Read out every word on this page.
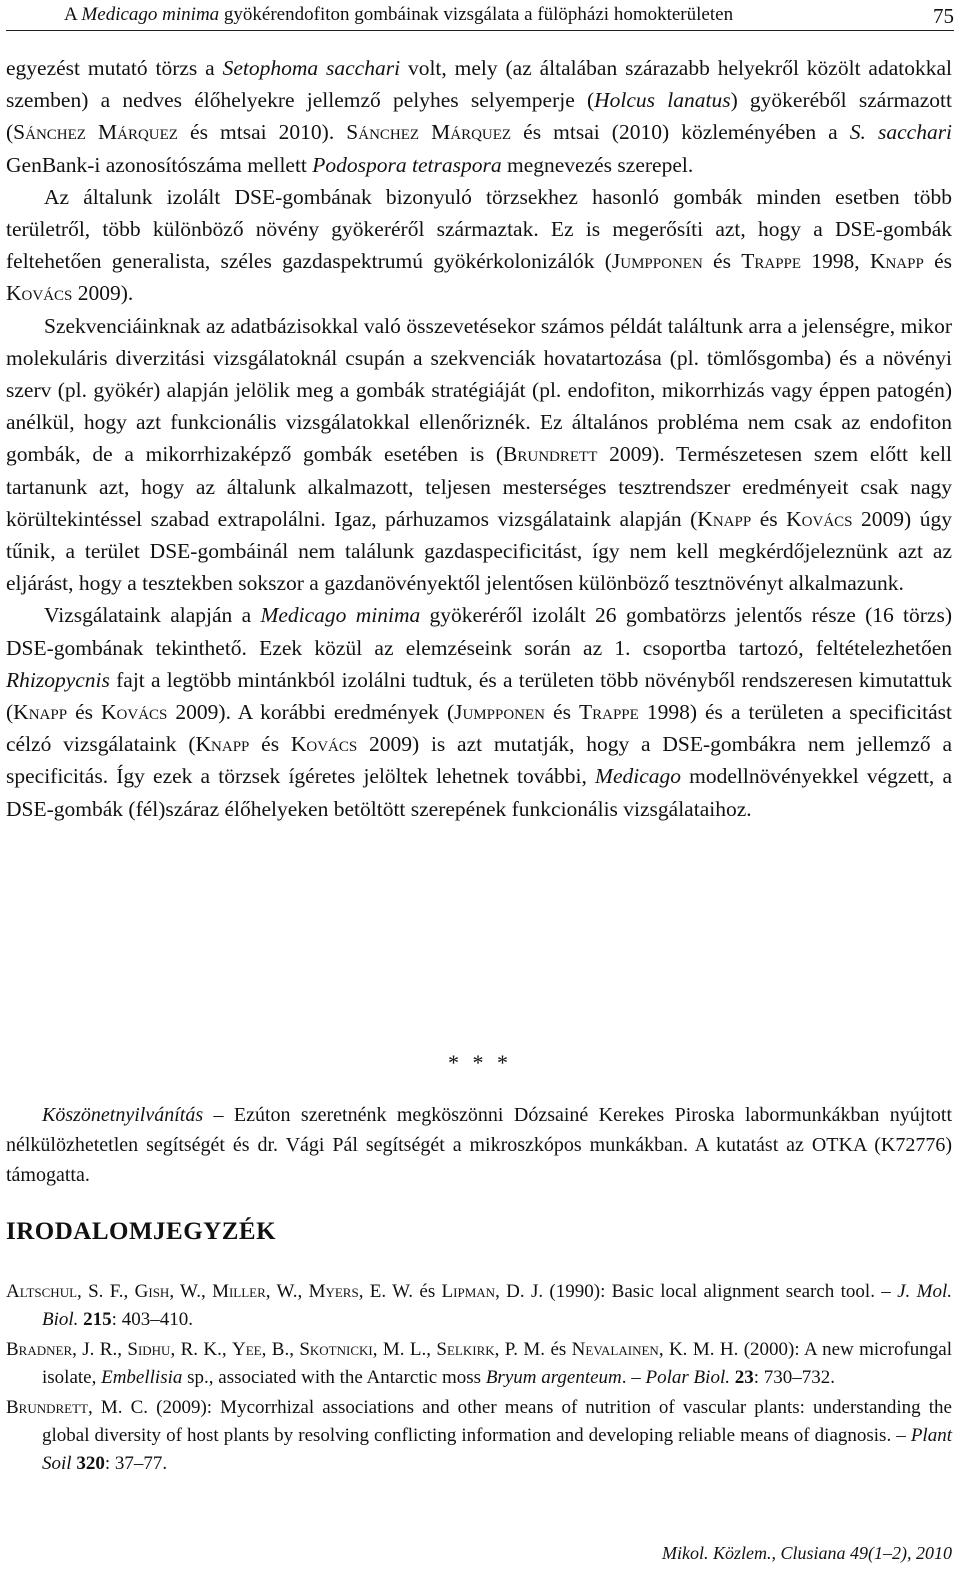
A Medicago minima gyökérendofiton gombáinak vizsgálata a fülöpházi homokterületen	75

egyezést mutató törzs a Setophoma sacchari volt, mely (az általában szárazabb helyekről közölt adatokkal szemben) a nedves élőhelyekre jellemző pelyhes selyemperje (Holcus lanatus) gyökeréből származott (Sánchez Márquez és mtsai 2010). Sánchez Márquez és mtsai (2010) közleményében a S. sacchari GenBank-i azonosítószáma mellett Podospora tetraspora megnevezés szerepel.

Az általunk izolált DSE-gombának bizonyuló törzsekhez hasonló gombák minden esetben több területről, több különböző növény gyökeréről származtak. Ez is megerősíti azt, hogy a DSE-gombák feltehetően generalista, széles gazdaspektrumú gyökérkolonizálók (Jumpponen és Trappe 1998, Knapp és Kovács 2009).

Szekvenciáinknak az adatbázisokkal való összevetésekor számos példát találtunk arra a jelenségre, mikor molekuláris diverzitási vizsgálatoknál csupán a szekvenciák hovatartozása (pl. tömlősgomba) és a növényi szerv (pl. gyökér) alapján jelölik meg a gombák stratégiáját (pl. endofiton, mikorrhizás vagy éppen patogén) anélkül, hogy azt funkcionális vizsgálatokkal ellenőriznék. Ez általános probléma nem csak az endofiton gombák, de a mikorrhizaképző gombák esetében is (Brundrett 2009). Természetesen szem előtt kell tartanunk azt, hogy az általunk alkalmazott, teljesen mesterséges tesztrendszer eredményeit csak nagy körültekintéssel szabad extrapolálni. Igaz, párhuzamos vizsgálataink alapján (Knapp és Kovács 2009) úgy tűnik, a terület DSE-gombáinál nem találunk gazdaspecificitást, így nem kell megkérdőjeleznünk azt az eljárást, hogy a tesztekben sokszor a gazdanövényektől jelentősen különböző tesztnövényt alkalmazunk.

Vizsgálataink alapján a Medicago minima gyökeréről izolált 26 gombatörzs jelentős része (16 törzs) DSE-gombának tekinthető. Ezek közül az elemzéseink során az 1. csoportba tartozó, feltételezhetően Rhizopycnis fajt a legtöbb mintánkból izolálni tudtuk, és a területen több növényből rendszeresen kimutattuk (Knapp és Kovács 2009). A korábbi eredmények (Jumpponen és Trappe 1998) és a területen a specificitást célzó vizsgálataink (Knapp és Kovács 2009) is azt mutatják, hogy a DSE-gombákra nem jellemző a specificitás. Így ezek a törzsek ígéretes jelöltek lehetnek további, Medicago modellnövényekkel végzett, a DSE-gombák (fél)száraz élőhelyeken betöltött szerepének funkcionális vizsgálataihoz.

* * *
Köszönetnyilvánítás – Ezúton szeretnénk megköszönni Dózsainé Kerekes Piroska labormunkákban nyújtott nélkülözhetetlen segítségét és dr. Vági Pál segítségét a mikroszkópos munkákban. A kutatást az OTKA (K72776) támogatta.
IRODALOMJEGYZÉK
Altschul, S. F., Gish, W., Miller, W., Myers, E. W. és Lipman, D. J. (1990): Basic local alignment search tool. – J. Mol. Biol. 215: 403–410.
Bradner, J. R., Sidhu, R. K., Yee, B., Skotnicki, M. L., Selkirk, P. M. és Nevalainen, K. M. H. (2000): A new microfungal isolate, Embellisia sp., associated with the Antarctic moss Bryum argenteum. – Polar Biol. 23: 730–732.
Brundrett, M. C. (2009): Mycorrhizal associations and other means of nutrition of vascular plants: understanding the global diversity of host plants by resolving conflicting information and developing reliable means of diagnosis. – Plant Soil 320: 37–77.
Mikol. Közlem., Clusiana 49(1–2), 2010
